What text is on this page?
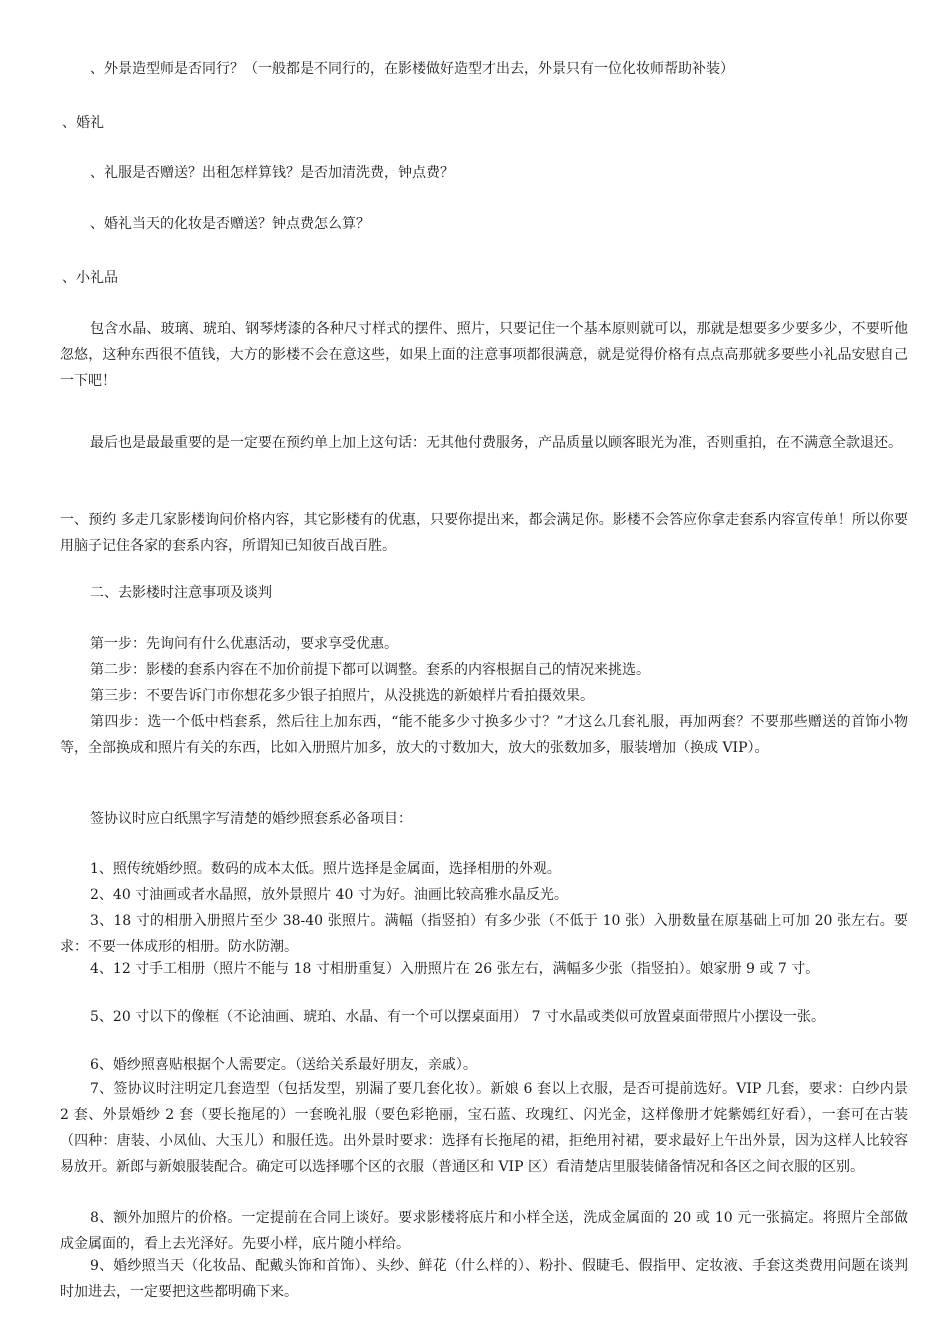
、外景造型师是否同行？（一般都是不同行的，在影楼做好造型才出去，外景只有一位化妆师帮助补装）

、婚礼

、礼服是否赠送？出租怎样算钱？是否加清洗费，钟点费？

、婚礼当天的化妆是否赠送？钟点费怎么算？

、小礼品

包含水晶、玻璃、琥珀、钢琴烤漆的各种尺寸样式的摆件、照片，只要记住一个基本原则就可以，那就是想要多少要多少，不要听他忽悠，这种东西很不值钱，大方的影楼不会在意这些，如果上面的注意事项都很满意，就是觉得价格有点点高那就多要些小礼品安慰自己一下吧！

最后也是最最重要的是一定要在预约单上加上这句话：无其他付费服务，产品质量以顾客眼光为准，否则重拍，在不满意全款退还。

一、预约 多走几家影楼询问价格内容，其它影楼有的优惠，只要你提出来，都会满足你。影楼不会答应你拿走套系内容宣传单！所以你要用脑子记住各家的套系内容，所谓知已知彼百战百胜。

二、去影楼时注意事项及谈判

第一步：先询问有什么优惠活动，要求享受优惠。

第二步：影楼的套系内容在不加价前提下都可以调整。套系的内容根据自己的情况来挑选。

第三步：不要告诉门市你想花多少银子拍照片，从没挑选的新娘样片看拍摄效果。

第四步：选一个低中档套系，然后往上加东西，“能不能多少寸换多少寸？”才这么几套礼服，再加两套？不要那些赠送的首饰小物等，全部换成和照片有关的东西，比如入册照片加多，放大的寸数加大，放大的张数加多，服装增加（换成 VIP）。

签协议时应白纸黑字写清楚的婚纱照套系必备项目：

1、照传统婚纱照。数码的成本太低。照片选择是金属面，选择相册的外观。

2、40 寸油画或者水晶照，放外景照片 40 寸为好。油画比较高雅水晶反光。

3、18 寸的相册入册照片至少 38-40 张照片。满幅（指竖拍）有多少张（不低于 10 张）入册数量在原基础上可加 20 张左右。要求：不要一体成形的相册。防水防潮。

4、12 寸手工相册（照片不能与 18 寸相册重复）入册照片在 26 张左右，满幅多少张（指竖拍）。娘家册 9 或 7 寸。

5、20 寸以下的像框（不论油画、琥珀、水晶、有一个可以摆桌面用） 7 寸水晶或类似可放置桌面带照片小摆设一张。

6、婚纱照喜贴根据个人需要定。（送给关系最好朋友，亲戚）。

7、签协议时注明定几套造型（包括发型，别漏了要几套化妆）。新娘 6 套以上衣服，是否可提前选好。VIP 几套，要求：白纱内景 2 套、外景婚纱 2 套（要长拖尾的）一套晚礼服（要色彩艳丽，宝石蓝、玫瑰红、闪光金，这样像册才姹紫嫣红好看），一套可在古装（四种：唐装、小凤仙、大玉儿）和服任选。出外景时要求：选择有长拖尾的裙，拒绝用衬裙，要求最好上午出外景，因为这样人比较容易放开。新郎与新娘服装配合。确定可以选择哪个区的衣服（普通区和 VIP 区）看清楚店里服装储备情况和各区之间衣服的区别。

8、额外加照片的价格。一定提前在合同上谈好。要求影楼将底片和小样全送，洗成金属面的 20 或 10 元一张搞定。将照片全部做成金属面的，看上去光泽好。先要小样，底片随小样给。

9、婚纱照当天（化妆品、配戴头饰和首饰）、头纱、鲜花（什么样的）、粉扑、假睫毛、假指甲、定妆液、手套这类费用问题在谈判时加进去，一定要把这些都明确下来。
